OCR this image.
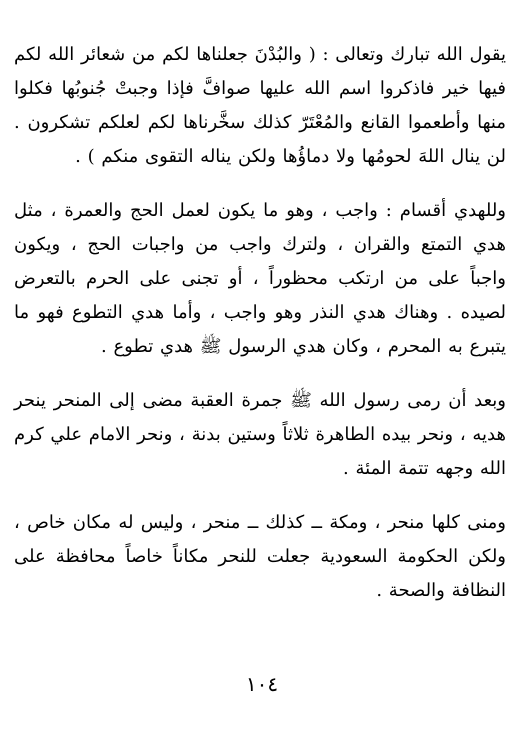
يقول الله تبارك وتعالى : ( والبُدْنَ جعلناها لكم من شعائر الله لكم فيها خير فاذكروا اسم الله عليها صوافَّ فإذا وجبتْ جُنوبُها فكلوا منها وأطعموا القانع والمُعْتَرّ كذلك سخَّرناها لكم لعلكم تشكرون . لن ينال اللهَ لحومُها ولا دماؤُها ولكن يناله التقوى منكم ) .

وللهدي أقسام : واجب ، وهو ما يكون لعمل الحج والعمرة ، مثل هدي التمتع والقران ، ولترك واجب من واجبات الحج ، ويكون واجباً على من ارتكب محظوراً ، أو تجنى على الحرم بالتعرض لصيده . وهناك هدي النذر وهو واجب ، وأما هدي التطوع فهو ما يتبرع به المحرم ، وكان هدي الرسول ﷺ هدي تطوع .

وبعد أن رمى رسول الله ﷺ جمرة العقبة مضى إلى المنحر ينحر هديه ، ونحر بيده الطاهرة ثلاثاً وستين بدنة ، ونحر الامام علي كرم الله وجهه تتمة المئة .

ومنى كلها منحر ، ومكة ــ كذلك ــ منحر ، وليس له مكان خاص ، ولكن الحكومة السعودية جعلت للنحر مكاناً خاصاً محافظة على النظافة والصحة .

١٠٤
